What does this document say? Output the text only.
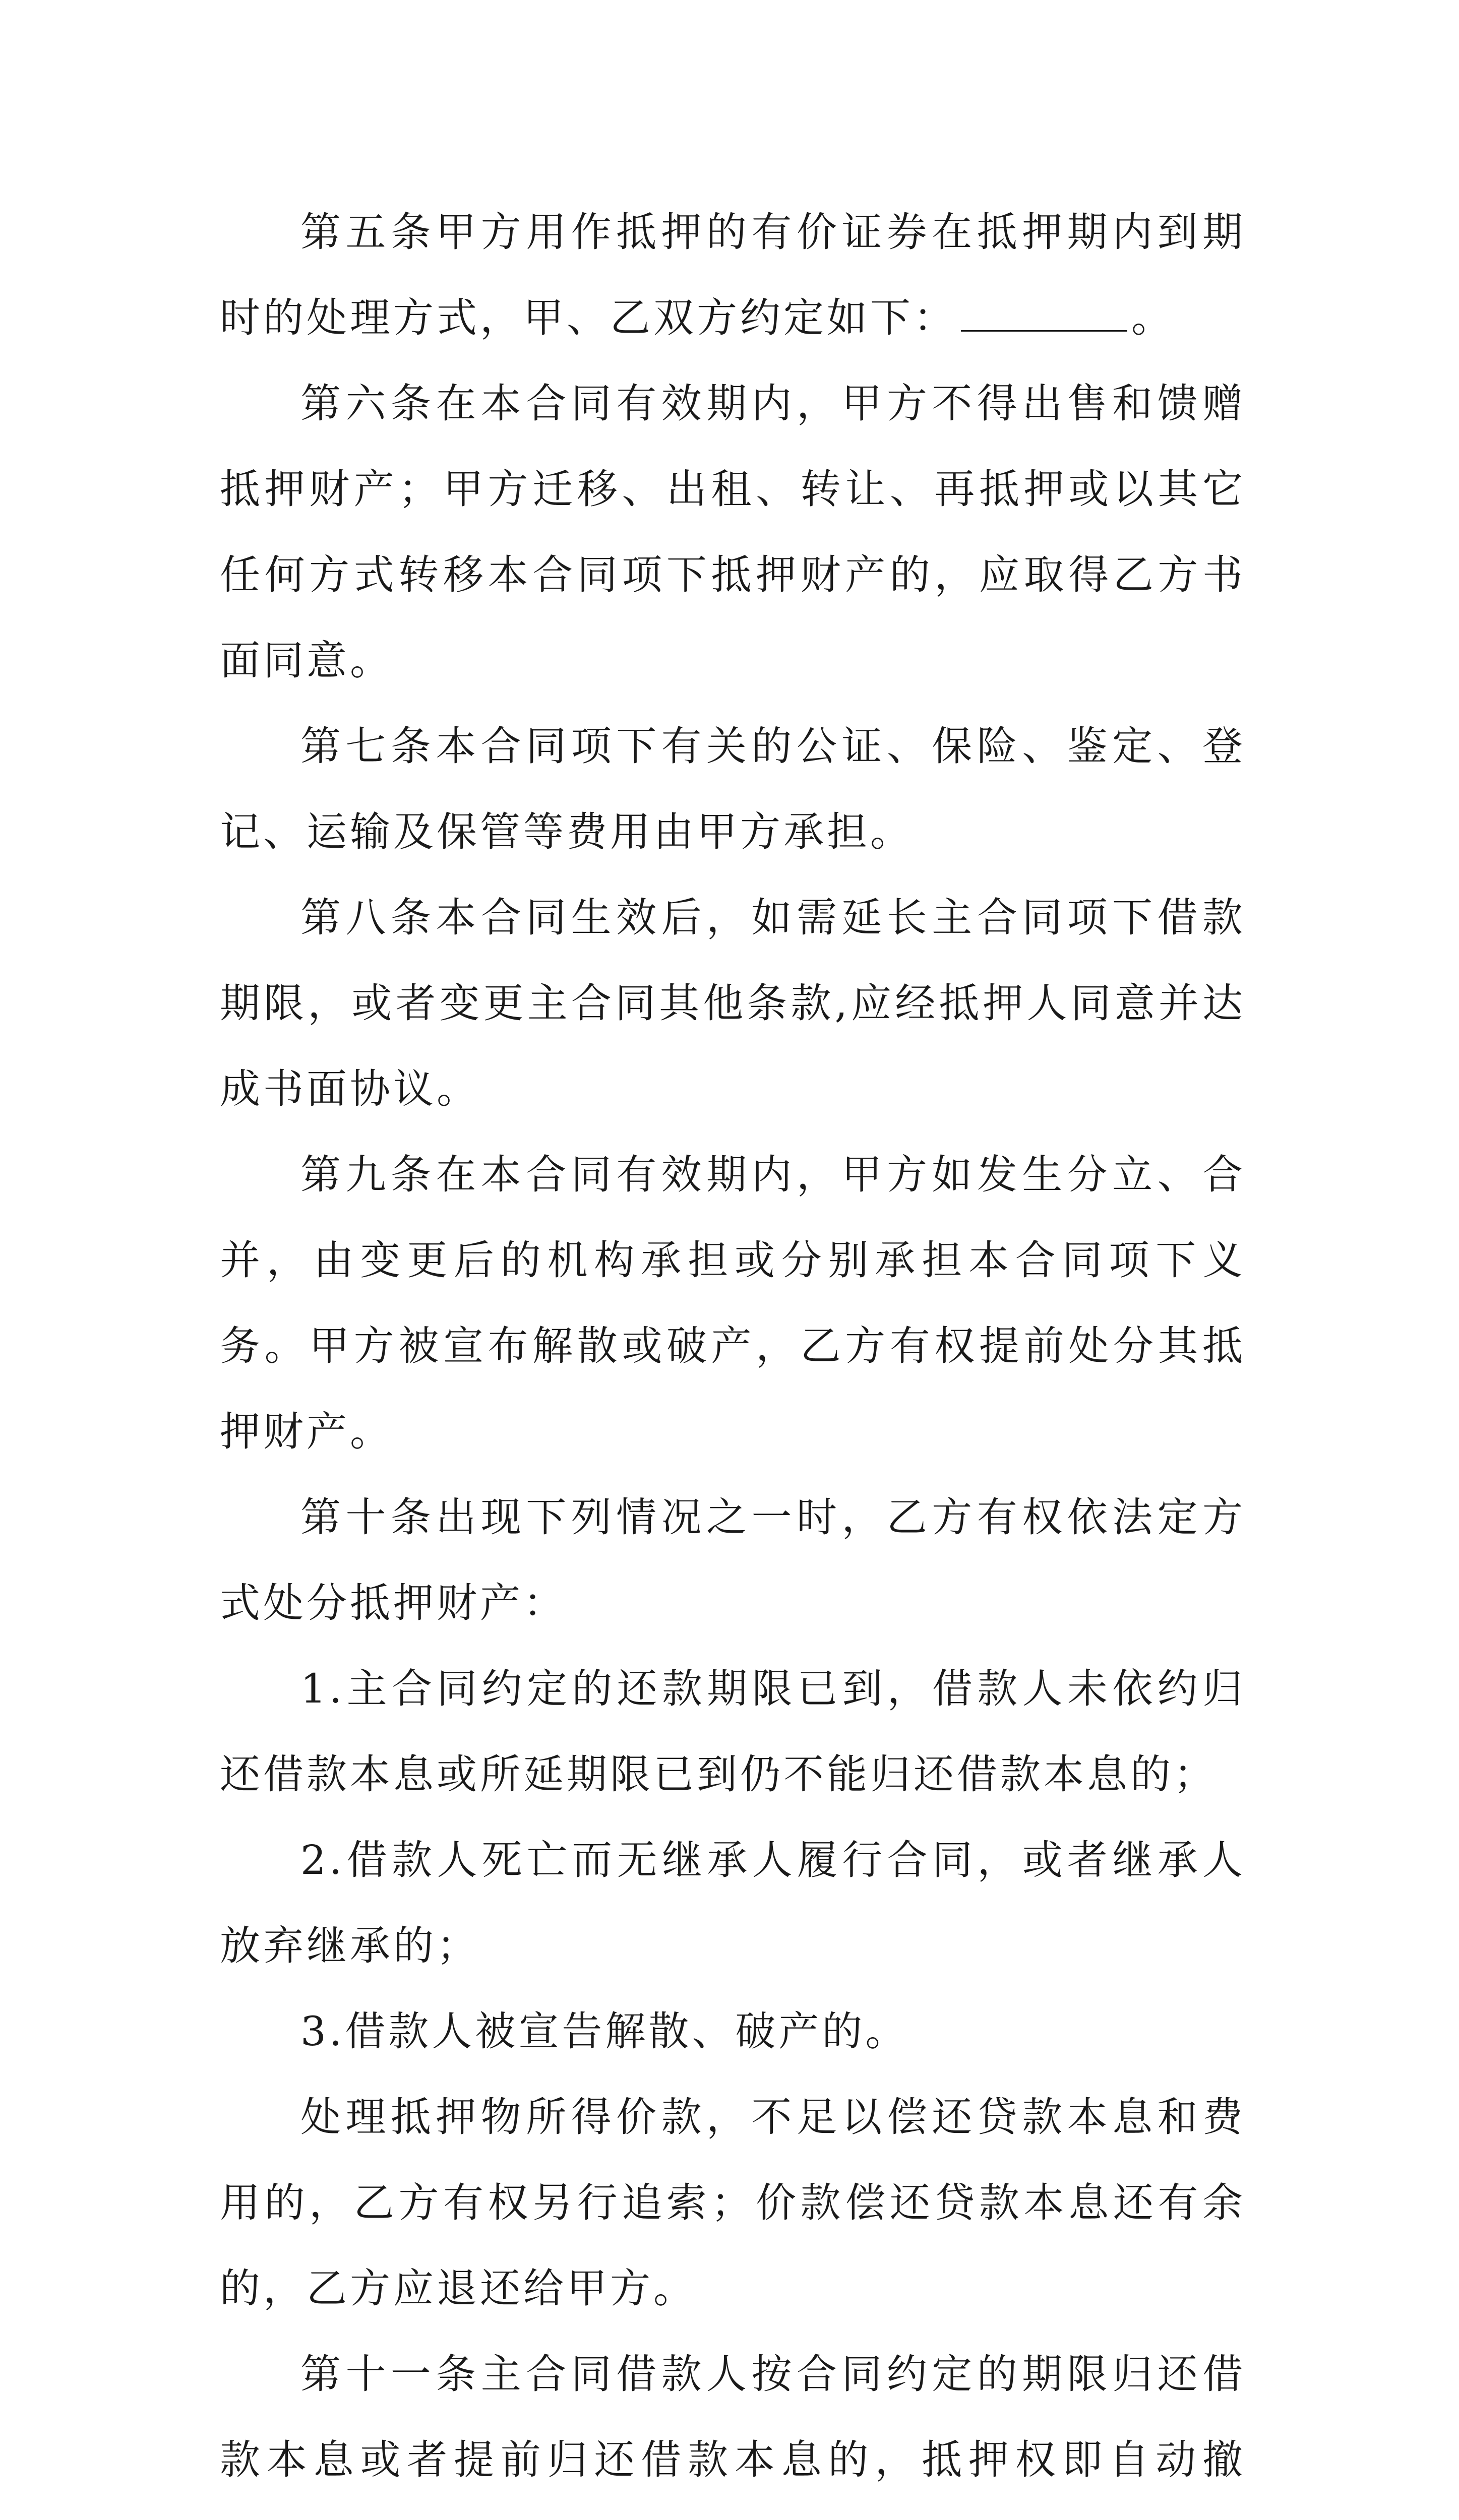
第五条甲方用作抵押的有价证券在抵押期内到期时的处理方式，甲、乙双方约定如下：	。

第六条在本合同有效期内，甲方不得出售和馈赠抵押财产；甲方迁移、出租、转让、再抵押或以其它任何方式转移本合同项下抵押财产的，应取得乙方书面同意。

第七条本合同项下有关的公证、保险、鉴定、登记、运输及保管等费用由甲方承担。

第八条本合同生效后，如需延长主合同项下借款期限，或者变更主合同其他条款,应经抵押人同意并达成书面协议。

第九条在本合同有效期内，甲方如发生分立、合并，由变更后的机构承担或分别承担本合同项下义务。甲方被宣布解散或破产，乙方有权提前处分其抵押财产。

第十条出现下列情况之一时，乙方有权依法定方式处分抵押财产：

1.主合同约定的还款期限已到，借款人未依约归还借款本息或所延期限已到仍不能归还借款本息的；

2.借款人死亡而无继承人履行合同，或者继承人放弃继承的；

3.借款人被宣告解散、破产的。

处理抵押物所得价款，不足以偿还贷款本息和费用的，乙方有权另行追索；价款偿还贷款本息还有余的，乙方应退还给甲方。

第十一条主合同借款人按合同约定的期限归还借款本息或者提前归还借款本息的，抵押权即自动撤
